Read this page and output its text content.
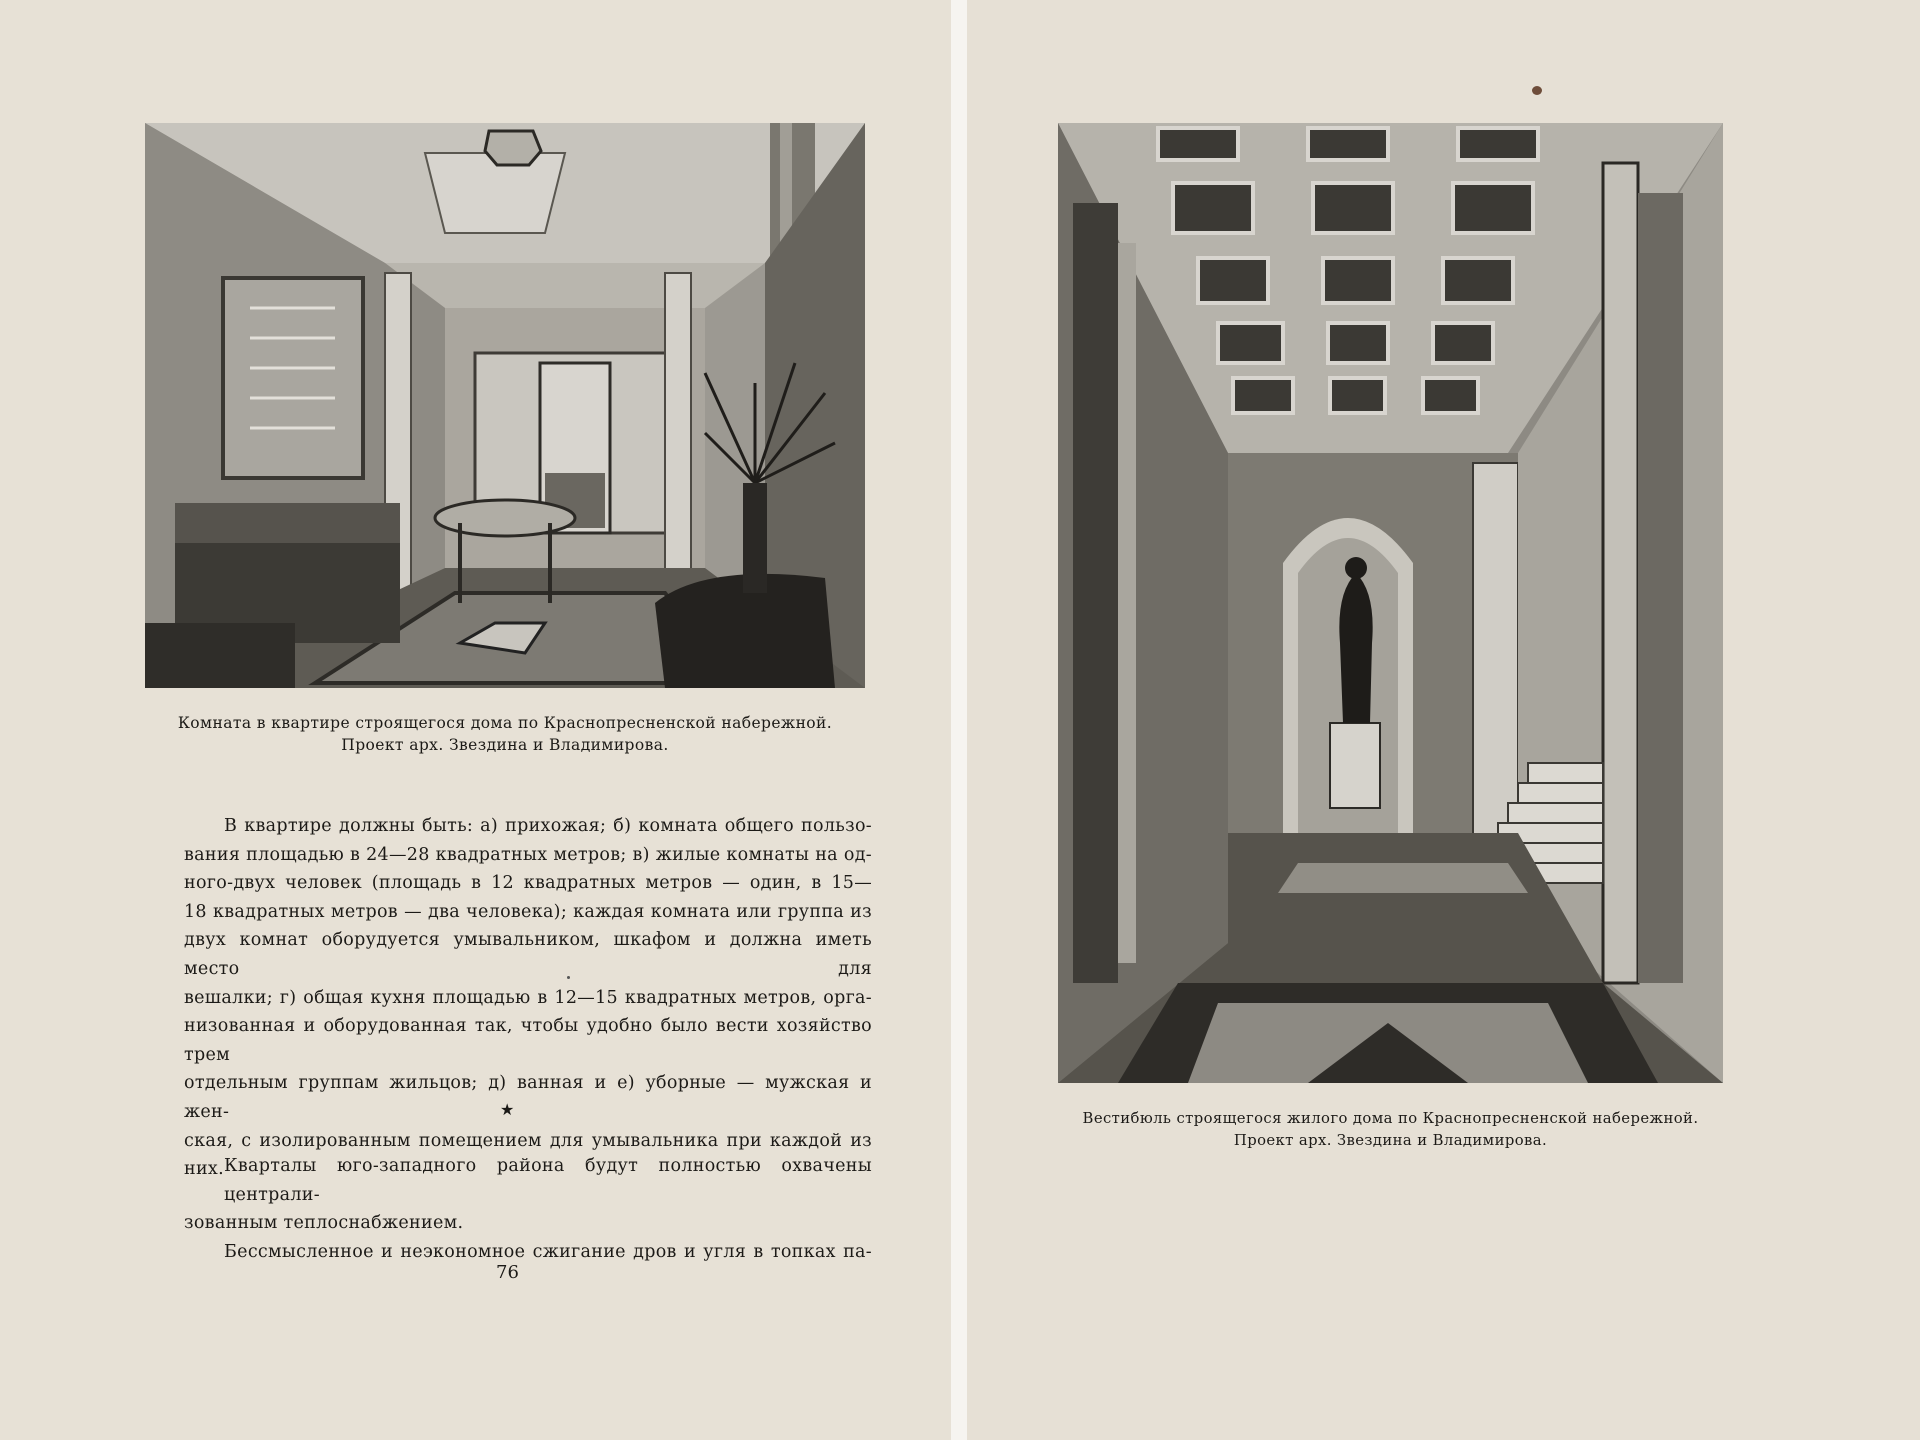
Комната в квартире строящегося дома по Краснопресненской набережной.
Проект арх. Звездина и Владимирова.

В квартире должны быть: а) прихожая; б) комната общего пользо-

вания площадью в 24—28 квадратных метров; в) жилые комнаты на од-

ного-двух человек (площадь в 12 квадратных метров — один, в 15—

18 квадратных метров — два человека); каждая комната или группа из

двух комнат оборудуется умывальником, шкафом и должна иметь место для

вешалки; г) общая кухня площадью в 12—15 квадратных метров, орга-

низованная и оборудованная так, чтобы удобно было вести хозяйство трем

отдельным группам жильцов; д) ванная и е) уборные — мужская и жен-

ская, с изолированным помещением для умывальника при каждой из них.

★

Кварталы юго-западного района будут полностью охвачены централи-

зованным теплоснабжением.

Бессмысленное и неэкономное сжигание дров и угля в топках па-

76
Вестибюль строящегося жилого дома по Краснопресненской набережной.
Проект арх. Звездина и Владимирова.
